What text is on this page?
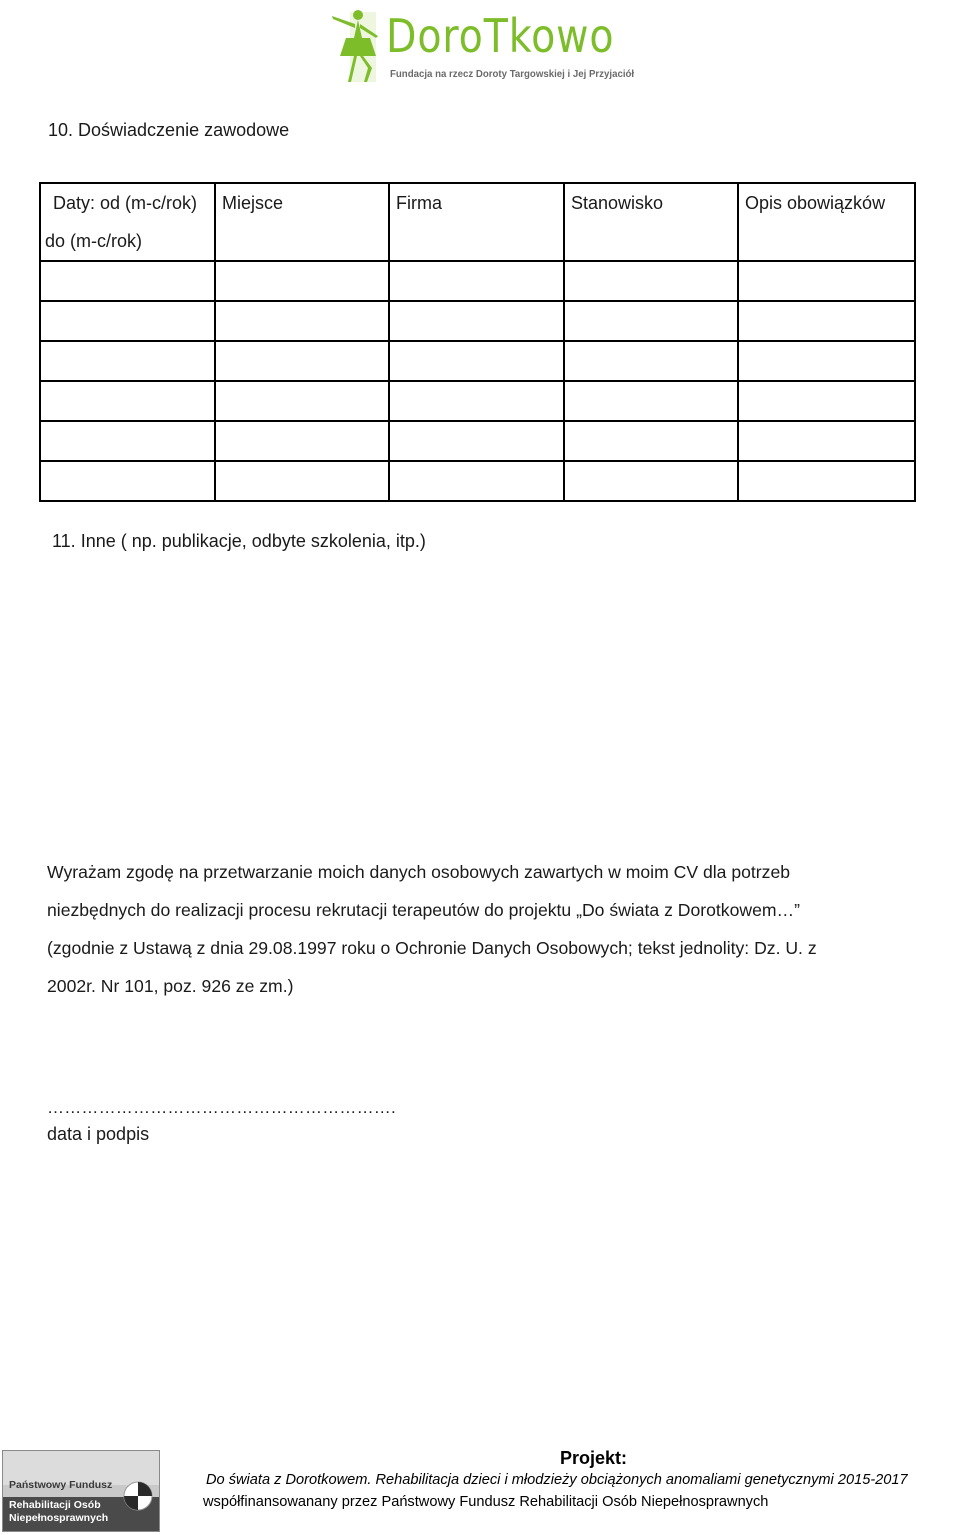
DoroTkowo
Fundacja na rzecz Doroty Targowskiej i Jej Przyjaciół
10. Doświadczenie zawodowe
Daty: od (m-c/rok)
do (m-c/rok)	Miejsce	Firma	Stanowisko	Opis obowiązków

11. Inne ( np. publikacje, odbyte szkolenia, itp.)

Wyrażam zgodę na przetwarzanie moich danych osobowych zawartych w moim CV dla potrzeb
niezbędnych do realizacji procesu rekrutacji terapeutów do projektu „Do świata z Dorotkowem…”
(zgodnie z Ustawą z dnia 29.08.1997 roku o Ochronie Danych Osobowych; tekst jednolity: Dz. U. z
2002r. Nr 101, poz. 926 ze zm.)

…………………………………………………….
data i podpis
Państwowy Fundusz
Rehabilitacji Osób
Niepełnosprawnych
Projekt:
Do świata z Dorotkowem. Rehabilitacja dzieci i młodzieży obciążonych anomaliami genetycznymi 2015-2017
współfinansowanany przez Państwowy Fundusz Rehabilitacji Osób Niepełnosprawnych
